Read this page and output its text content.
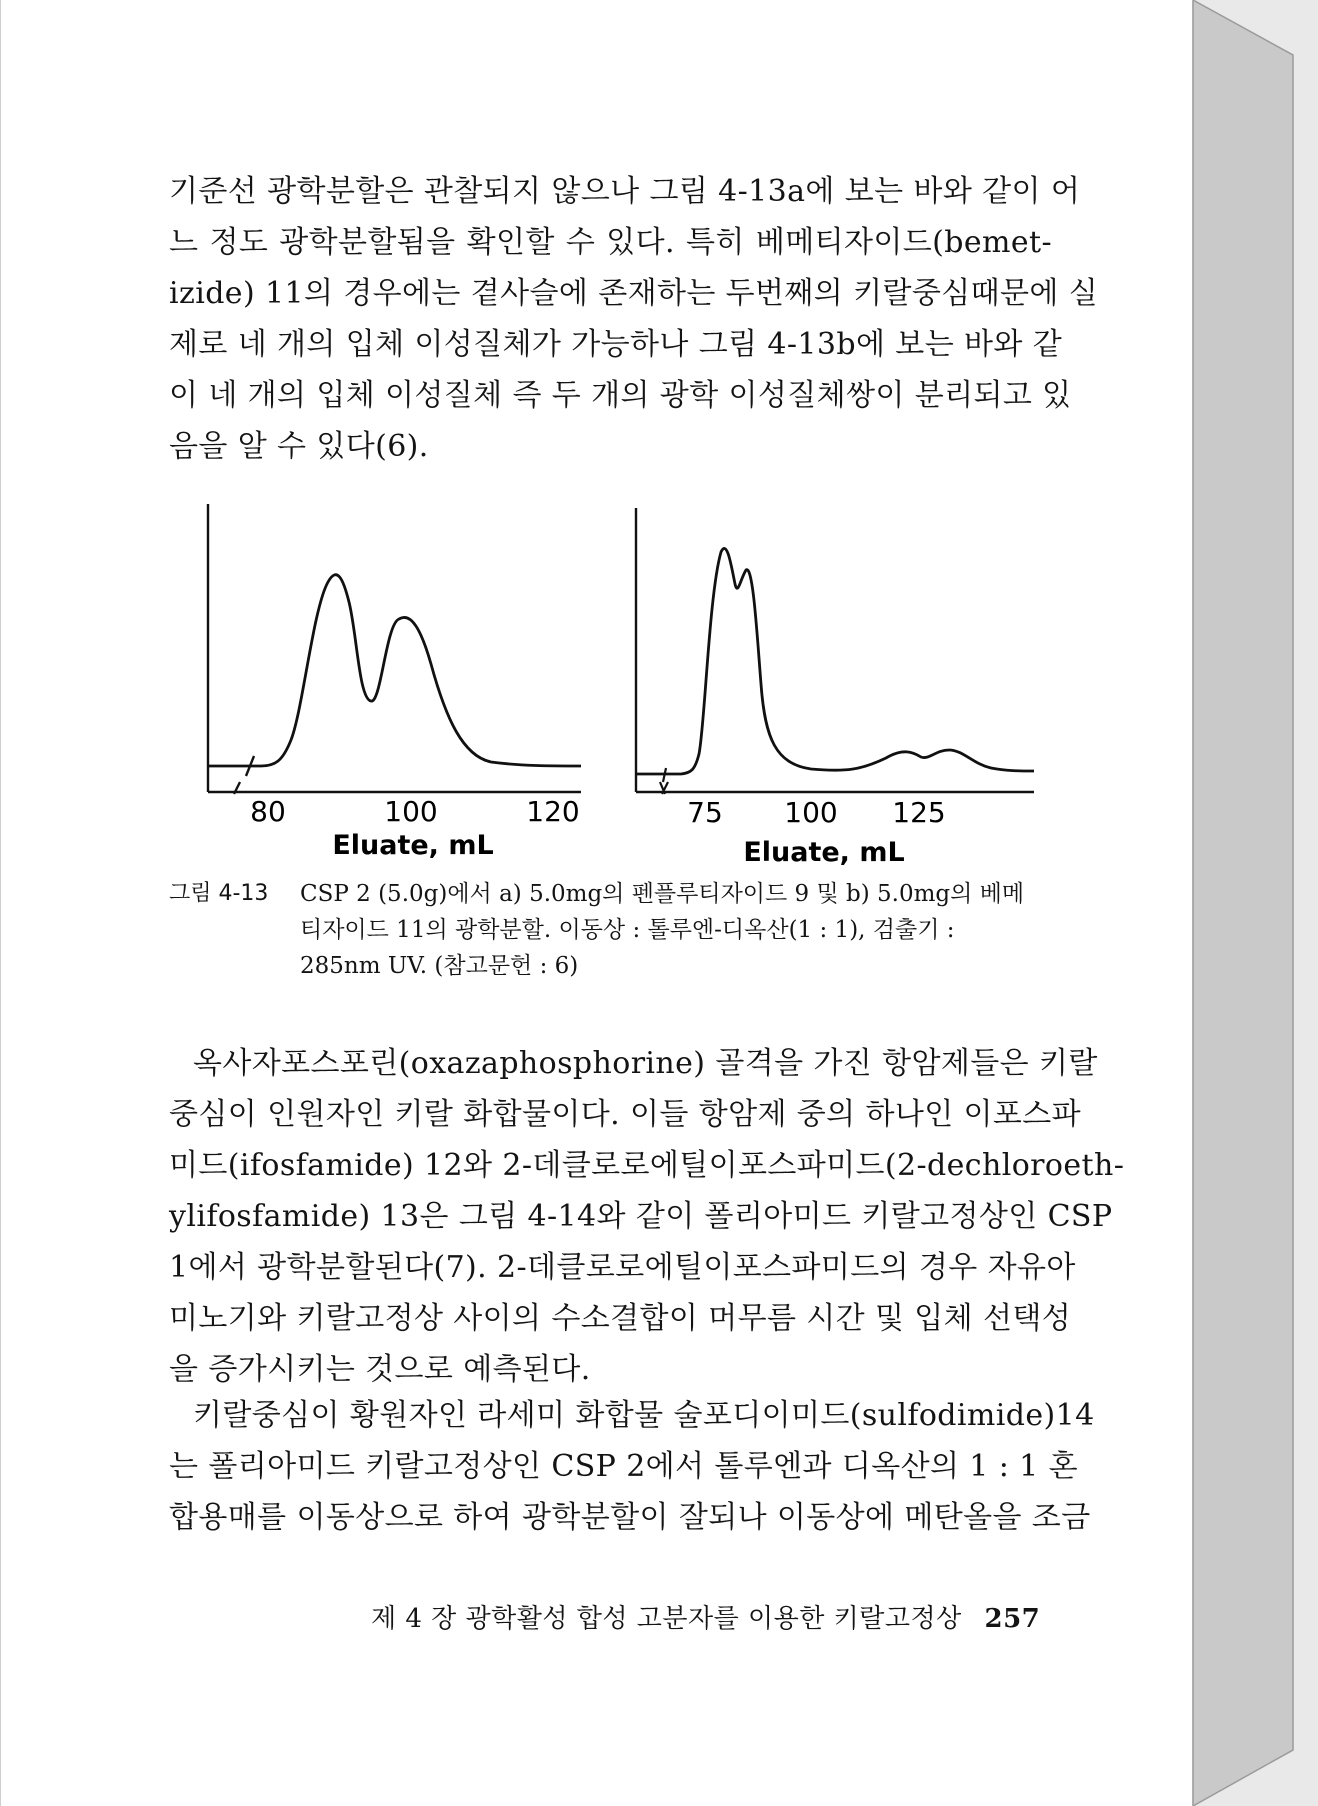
기준선 광학분할은 관찰되지 않으나 그림 4-13a에 보는 바와 같이 어
느 정도 광학분할됨을 확인할 수 있다. 특히 베메티자이드(bemet-
izide) 11의 경우에는 곁사슬에 존재하는 두번째의 키랄중심때문에 실
제로 네 개의 입체 이성질체가 가능하나 그림 4-13b에 보는 바와 같
이 네 개의 입체 이성질체 즉 두 개의 광학 이성질체쌍이 분리되고 있
음을 알 수 있다(6).
80	100	120
Eluate, mL
75 100 125
Eluate, mL
그림 4-13 CSP 2 (5.0g)에서 a) 5.0mg의 펜플루티자이드 9 및 b) 5.0mg의 베메
티자이드 11의 광학분할. 이동상 : 톨루엔-디옥산(1 : 1), 검출기 :
285nm UV. (참고문헌 : 6)
옥사자포스포린(oxazaphosphorine) 골격을 가진 항암제들은 키랄
중심이 인원자인 키랄 화합물이다. 이들 항암제 중의 하나인 이포스파
미드(ifosfamide) 12와 2-데클로로에틸이포스파미드(2-dechloroeth-
ylifosfamide) 13은 그림 4-14와 같이 폴리아미드 키랄고정상인 CSP
1에서 광학분할된다(7). 2-데클로로에틸이포스파미드의 경우 자유아
미노기와 키랄고정상 사이의 수소결합이 머무름 시간 및 입체 선택성
을 증가시키는 것으로 예측된다.
키랄중심이 황원자인 라세미 화합물 술포디이미드(sulfodimide)14
는 폴리아미드 키랄고정상인 CSP 2에서 톨루엔과 디옥산의 1 : 1 혼
합용매를 이동상으로 하여 광학분할이 잘되나 이동상에 메탄올을 조금
제 4 장 광학활성 합성 고분자를 이용한 키랄고정상 257
